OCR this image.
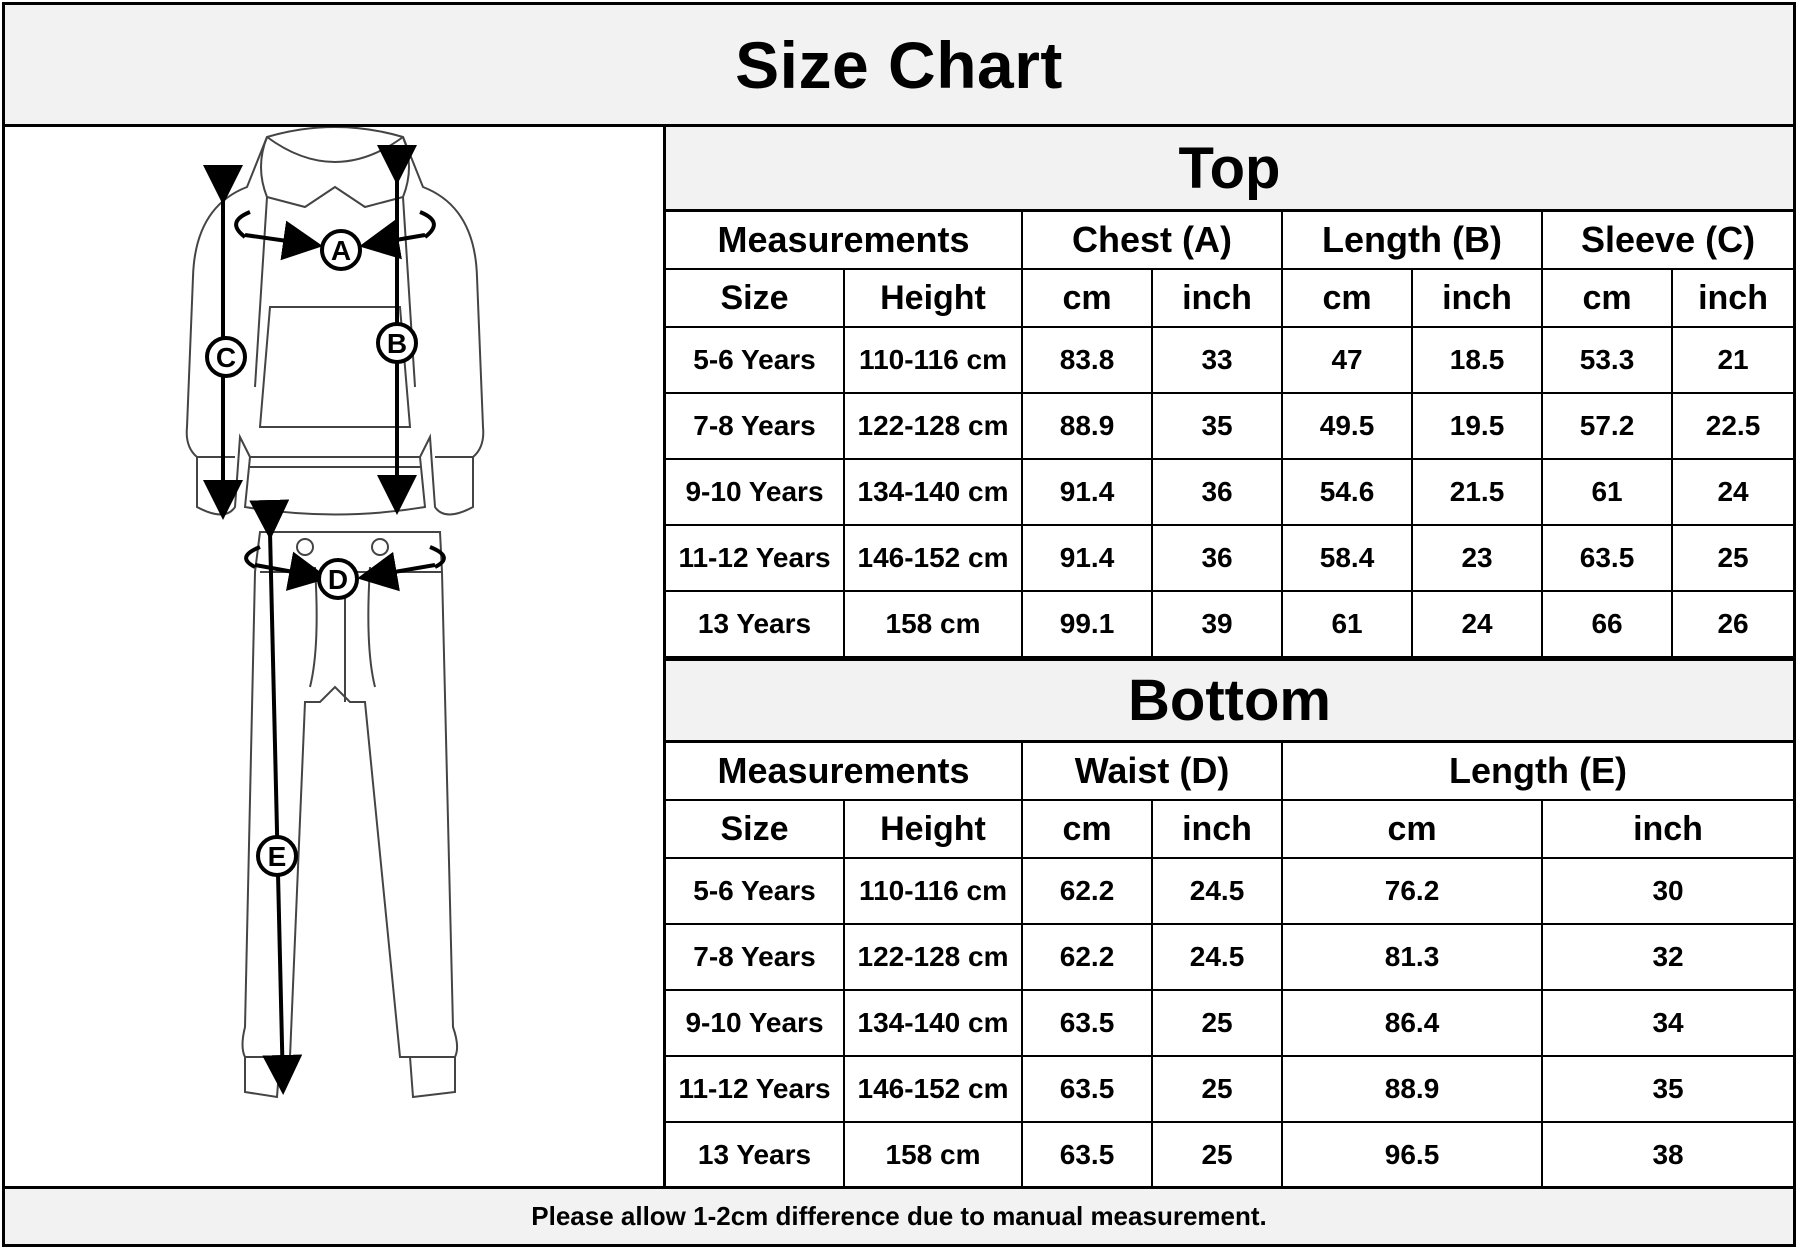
Size Chart
A
B
C
D
E
Top
Measurements		Chest (A)		Length (B)		Sleeve (C)	
Size	Height	cm	inch	cm	inch	cm	inch
5-6 Years	110-116 cm	83.8	33	47	18.5	53.3	21
7-8 Years	122-128 cm	88.9	35	49.5	19.5	57.2	22.5
9-10 Years	134-140 cm	91.4	36	54.6	21.5	61	24
11-12 Years	146-152 cm	91.4	36	58.4	23	63.5	25
13 Years	158 cm	99.1	39	61	24	66	26
Bottom
Measurements		Waist (D)		Length (E)	
Size	Height	cm	inch	cm	inch
5-6 Years	110-116 cm	62.2	24.5	76.2	30
7-8 Years	122-128 cm	62.2	24.5	81.3	32
9-10 Years	134-140 cm	63.5	25	86.4	34
11-12 Years	146-152 cm	63.5	25	88.9	35
13 Years	158 cm	63.5	25	96.5	38
Please allow 1-2cm difference due to manual measurement.
